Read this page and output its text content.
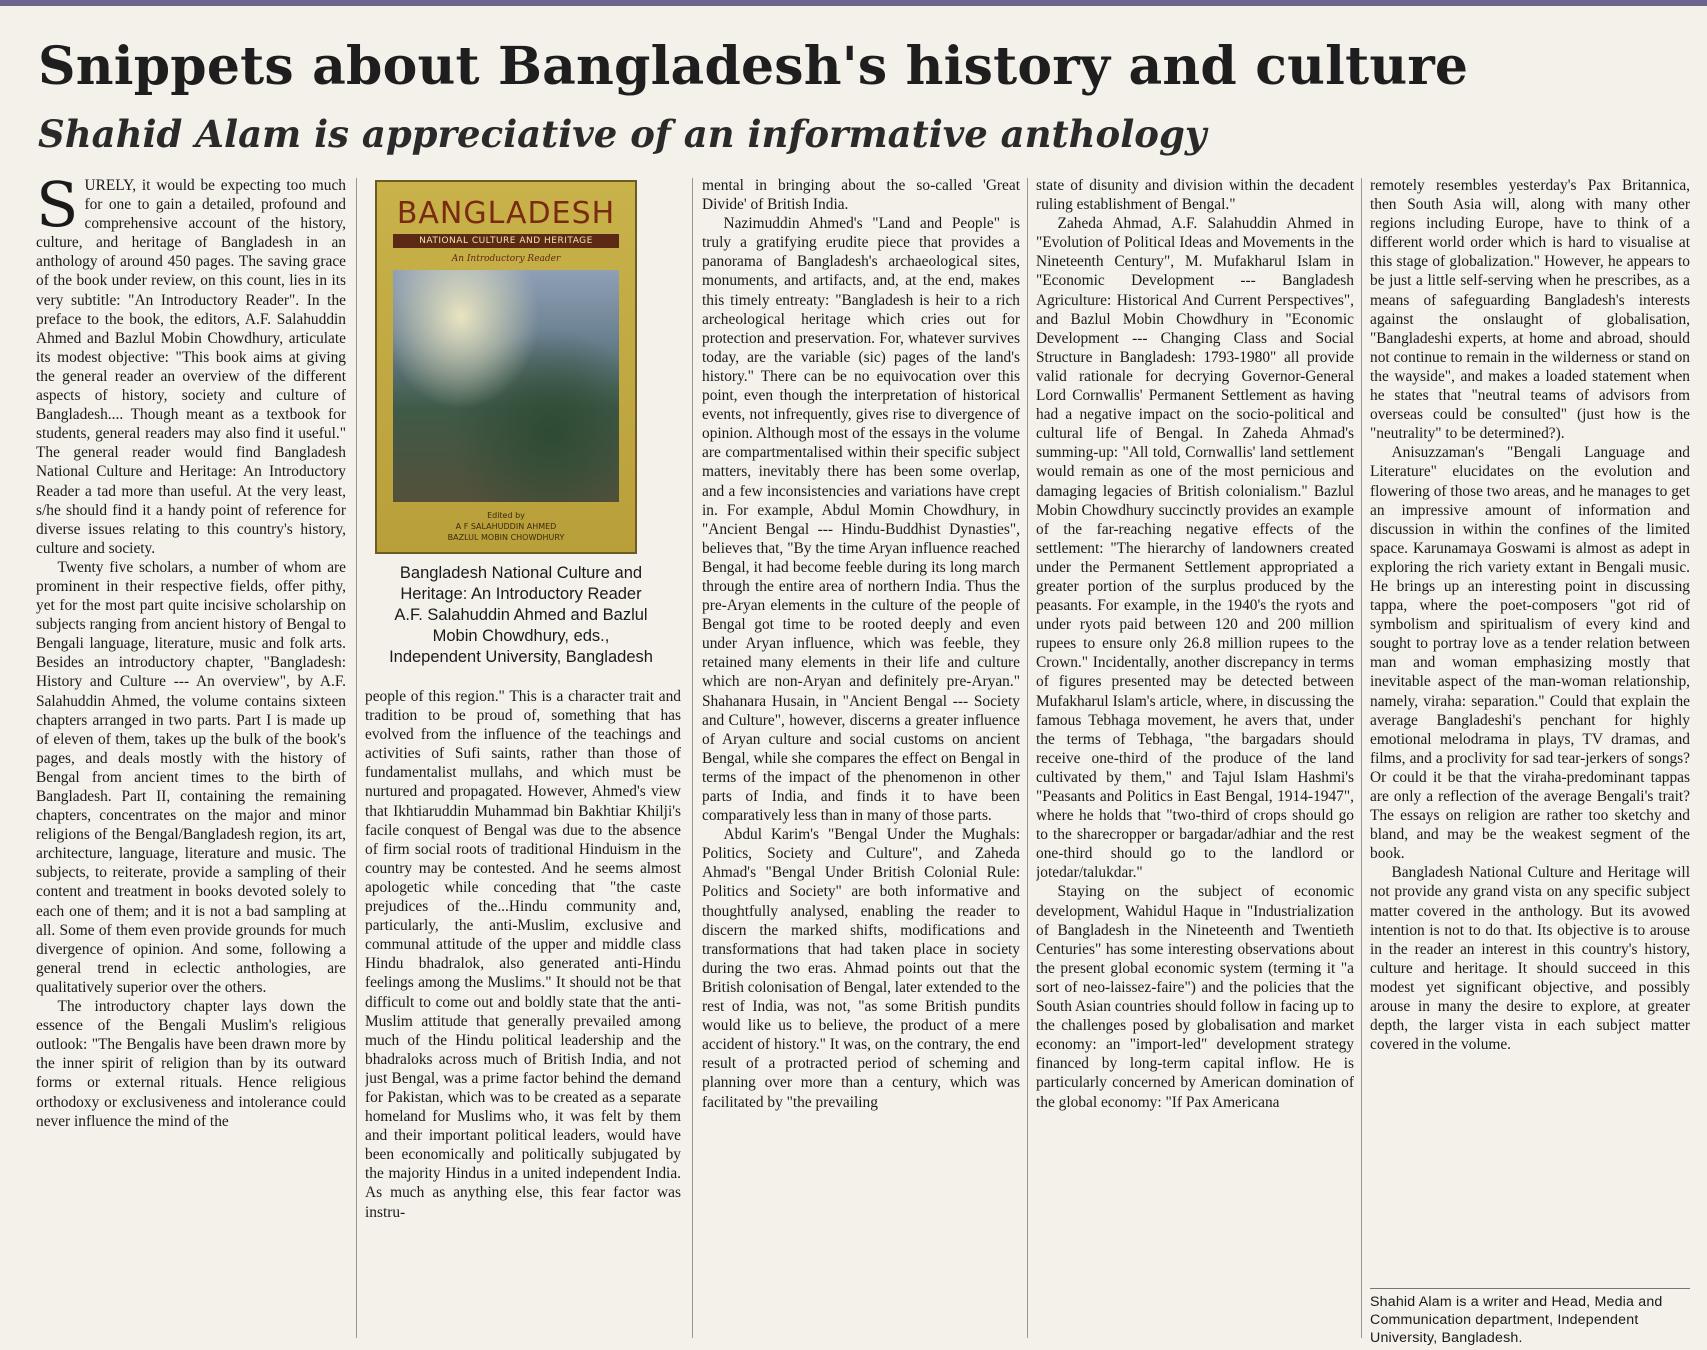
Snippets about Bangladesh's history and culture
Shahid Alam is appreciative of an informative anthology

SURELY, it would be expecting too much for one to gain a detailed, profound and comprehensive account of the history, culture, and heritage of Bangladesh in an anthology of around 450 pages. The saving grace of the book under review, on this count, lies in its very subtitle: "An Introductory Reader". In the preface to the book, the editors, A.F. Salahuddin Ahmed and Bazlul Mobin Chowdhury, articulate its modest objective: "This book aims at giving the general reader an overview of the different aspects of history, society and culture of Bangladesh.... Though meant as a textbook for students, general readers may also find it useful." The general reader would find Bangladesh National Culture and Heritage: An Introductory Reader a tad more than useful. At the very least, s/he should find it a handy point of reference for diverse issues relating to this country's history, culture and society.

Twenty five scholars, a number of whom are prominent in their respective fields, offer pithy, yet for the most part quite incisive scholarship on subjects ranging from ancient history of Bengal to Bengali language, literature, music and folk arts. Besides an introductory chapter, "Bangladesh: History and Culture --- An overview", by A.F. Salahuddin Ahmed, the volume contains sixteen chapters arranged in two parts. Part I is made up of eleven of them, takes up the bulk of the book's pages, and deals mostly with the history of Bengal from ancient times to the birth of Bangladesh. Part II, containing the remaining chapters, concentrates on the major and minor religions of the Bengal/Bangladesh region, its art, architecture, language, literature and music. The subjects, to reiterate, provide a sampling of their content and treatment in books devoted solely to each one of them; and it is not a bad sampling at all. Some of them even provide grounds for much divergence of opinion. And some, following a general trend in eclectic anthologies, are qualitatively superior over the others.

The introductory chapter lays down the essence of the Bengali Muslim's religious outlook: "The Bengalis have been drawn more by the inner spirit of religion than by its outward forms or external rituals. Hence religious orthodoxy or exclusiveness and intolerance could never influence the mind of the

BANGLADESH
NATIONAL CULTURE AND HERITAGE
An Introductory Reader
Edited by
A F SALAHUDDIN AHMED
BAZLUL MOBIN CHOWDHURY
Bangladesh National Culture and Heritage: An Introductory Reader
A.F. Salahuddin Ahmed and Bazlul Mobin Chowdhury, eds.,
Independent University, Bangladesh

people of this region." This is a character trait and tradition to be proud of, something that has evolved from the influence of the teachings and activities of Sufi saints, rather than those of fundamentalist mullahs, and which must be nurtured and propagated. However, Ahmed's view that Ikhtiaruddin Muhammad bin Bakhtiar Khilji's facile conquest of Bengal was due to the absence of firm social roots of traditional Hinduism in the country may be contested. And he seems almost apologetic while conceding that "the caste prejudices of the...Hindu community and, particularly, the anti-Muslim, exclusive and communal attitude of the upper and middle class Hindu bhadralok, also generated anti-Hindu feelings among the Muslims." It should not be that difficult to come out and boldly state that the anti-Muslim attitude that generally prevailed among much of the Hindu political leadership and the bhadraloks across much of British India, and not just Bengal, was a prime factor behind the demand for Pakistan, which was to be created as a separate homeland for Muslims who, it was felt by them and their important political leaders, would have been economically and politically subjugated by the majority Hindus in a united independent India. As much as anything else, this fear factor was instru-

mental in bringing about the so-called 'Great Divide' of British India.

Nazimuddin Ahmed's "Land and People" is truly a gratifying erudite piece that provides a panorama of Bangladesh's archaeological sites, monuments, and artifacts, and, at the end, makes this timely entreaty: "Bangladesh is heir to a rich archeological heritage which cries out for protection and preservation. For, whatever survives today, are the variable (sic) pages of the land's history." There can be no equivocation over this point, even though the interpretation of historical events, not infrequently, gives rise to divergence of opinion. Although most of the essays in the volume are compartmentalised within their specific subject matters, inevitably there has been some overlap, and a few inconsistencies and variations have crept in. For example, Abdul Momin Chowdhury, in "Ancient Bengal --- Hindu-Buddhist Dynasties", believes that, "By the time Aryan influence reached Bengal, it had become feeble during its long march through the entire area of northern India. Thus the pre-Aryan elements in the culture of the people of Bengal got time to be rooted deeply and even under Aryan influence, which was feeble, they retained many elements in their life and culture which are non-Aryan and definitely pre-Aryan." Shahanara Husain, in "Ancient Bengal --- Society and Culture", however, discerns a greater influence of Aryan culture and social customs on ancient Bengal, while she compares the effect on Bengal in terms of the impact of the phenomenon in other parts of India, and finds it to have been comparatively less than in many of those parts.

Abdul Karim's "Bengal Under the Mughals: Politics, Society and Culture", and Zaheda Ahmad's "Bengal Under British Colonial Rule: Politics and Society" are both informative and thoughtfully analysed, enabling the reader to discern the marked shifts, modifications and transformations that had taken place in society during the two eras. Ahmad points out that the British colonisation of Bengal, later extended to the rest of India, was not, "as some British pundits would like us to believe, the product of a mere accident of history." It was, on the contrary, the end result of a protracted period of scheming and planning over more than a century, which was facilitated by "the prevailing

state of disunity and division within the decadent ruling establishment of Bengal."

Zaheda Ahmad, A.F. Salahuddin Ahmed in "Evolution of Political Ideas and Movements in the Nineteenth Century", M. Mufakharul Islam in "Economic Development --- Bangladesh Agriculture: Historical And Current Perspectives", and Bazlul Mobin Chowdhury in "Economic Development --- Changing Class and Social Structure in Bangladesh: 1793-1980" all provide valid rationale for decrying Governor-General Lord Cornwallis' Permanent Settlement as having had a negative impact on the socio-political and cultural life of Bengal. In Zaheda Ahmad's summing-up: "All told, Cornwallis' land settlement would remain as one of the most pernicious and damaging legacies of British colonialism." Bazlul Mobin Chowdhury succinctly provides an example of the far-reaching negative effects of the settlement: "The hierarchy of landowners created under the Permanent Settlement appropriated a greater portion of the surplus produced by the peasants. For example, in the 1940's the ryots and under ryots paid between 120 and 200 million rupees to ensure only 26.8 million rupees to the Crown." Incidentally, another discrepancy in terms of figures presented may be detected between Mufakharul Islam's article, where, in discussing the famous Tebhaga movement, he avers that, under the terms of Tebhaga, "the bargadars should receive one-third of the produce of the land cultivated by them," and Tajul Islam Hashmi's "Peasants and Politics in East Bengal, 1914-1947", where he holds that "two-third of crops should go to the sharecropper or bargadar/adhiar and the rest one-third should go to the landlord or jotedar/talukdar."

Staying on the subject of economic development, Wahidul Haque in "Industrialization of Bangladesh in the Nineteenth and Twentieth Centuries" has some interesting observations about the present global economic system (terming it "a sort of neo-laissez-faire") and the policies that the South Asian countries should follow in facing up to the challenges posed by globalisation and market economy: an "import-led" development strategy financed by long-term capital inflow. He is particularly concerned by American domination of the global economy: "If Pax Americana

remotely resembles yesterday's Pax Britannica, then South Asia will, along with many other regions including Europe, have to think of a different world order which is hard to visualise at this stage of globalization." However, he appears to be just a little self-serving when he prescribes, as a means of safeguarding Bangladesh's interests against the onslaught of globalisation, "Bangladeshi experts, at home and abroad, should not continue to remain in the wilderness or stand on the wayside", and makes a loaded statement when he states that "neutral teams of advisors from overseas could be consulted" (just how is the "neutrality" to be determined?).

Anisuzzaman's "Bengali Language and Literature" elucidates on the evolution and flowering of those two areas, and he manages to get an impressive amount of information and discussion in within the confines of the limited space. Karunamaya Goswami is almost as adept in exploring the rich variety extant in Bengali music. He brings up an interesting point in discussing tappa, where the poet-composers "got rid of symbolism and spiritualism of every kind and sought to portray love as a tender relation between man and woman emphasizing mostly that inevitable aspect of the man-woman relationship, namely, viraha: separation." Could that explain the average Bangladeshi's penchant for highly emotional melodrama in plays, TV dramas, and films, and a proclivity for sad tear-jerkers of songs? Or could it be that the viraha-predominant tappas are only a reflection of the average Bengali's trait? The essays on religion are rather too sketchy and bland, and may be the weakest segment of the book.

Bangladesh National Culture and Heritage will not provide any grand vista on any specific subject matter covered in the anthology. But its avowed intention is not to do that. Its objective is to arouse in the reader an interest in this country's history, culture and heritage. It should succeed in this modest yet significant objective, and possibly arouse in many the desire to explore, at greater depth, the larger vista in each subject matter covered in the volume.

Shahid Alam is a writer and Head, Media and Communication department, Independent University, Bangladesh.
